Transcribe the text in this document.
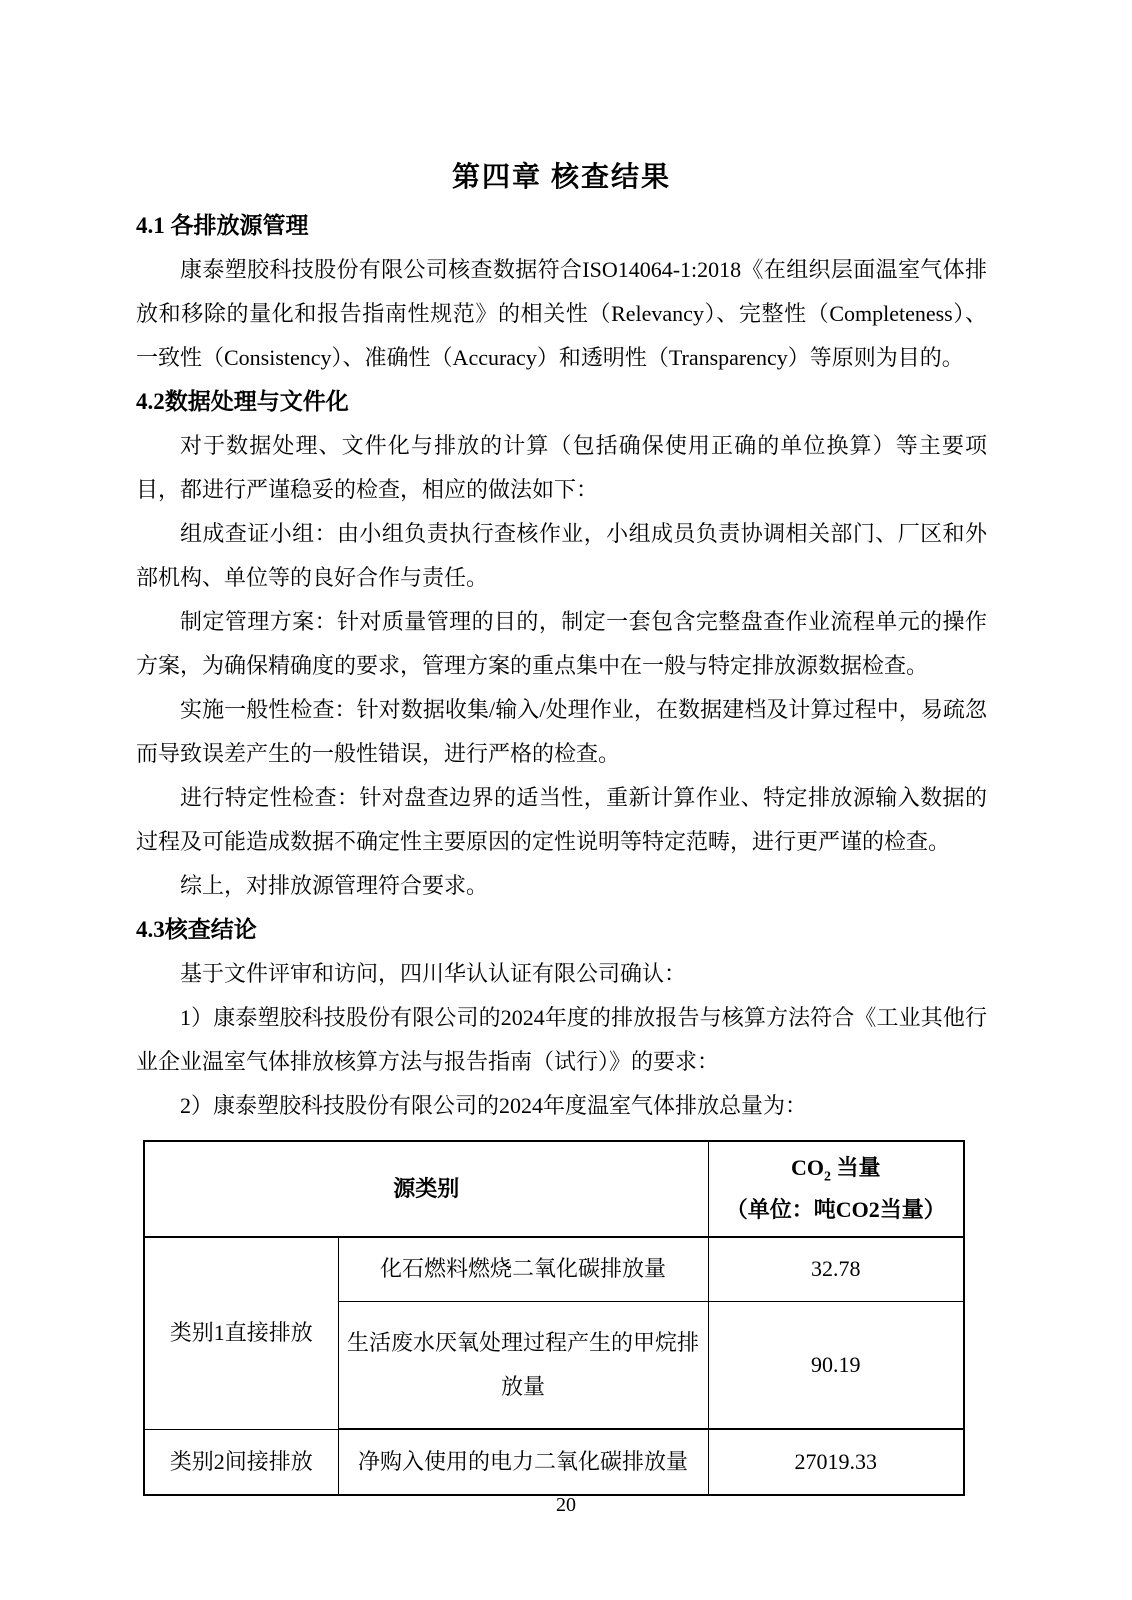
第四章 核查结果
4.1 各排放源管理

康泰塑胶科技股份有限公司核查数据符合ISO14064-1:2018《在组织层面温室气体排放和移除的量化和报告指南性规范》的相关性（Relevancy）、完整性（Completeness）、一致性（Consistency）、准确性（Accuracy）和透明性（Transparency）等原则为目的。

4.2数据处理与文件化

对于数据处理、文件化与排放的计算（包括确保使用正确的单位换算）等主要项目，都进行严谨稳妥的检查，相应的做法如下：

组成查证小组：由小组负责执行查核作业，小组成员负责协调相关部门、厂区和外部机构、单位等的良好合作与责任。

制定管理方案：针对质量管理的目的，制定一套包含完整盘查作业流程单元的操作方案，为确保精确度的要求，管理方案的重点集中在一般与特定排放源数据检查。

实施一般性检查：针对数据收集/输入/处理作业，在数据建档及计算过程中，易疏忽而导致误差产生的一般性错误，进行严格的检查。

进行特定性检查：针对盘查边界的适当性，重新计算作业、特定排放源输入数据的过程及可能造成数据不确定性主要原因的定性说明等特定范畴，进行更严谨的检查。

综上，对排放源管理符合要求。

4.3核查结论

基于文件评审和访问，四川华认认证有限公司确认：

1）康泰塑胶科技股份有限公司的2024年度的排放报告与核算方法符合《工业其他行业企业温室气体排放核算方法与报告指南（试行）》的要求：

2）康泰塑胶科技股份有限公司的2024年度温室气体排放总量为：

源类别		$CO_2$ 当量
（单位：吨CO2当量）

类别1直接排放	化石燃料燃烧二氧化碳排放量	32.78
	生活废水厌氧处理过程产生的甲烷排放量	90.19
类别2间接排放	净购入使用的电力二氧化碳排放量	27019.33
20
